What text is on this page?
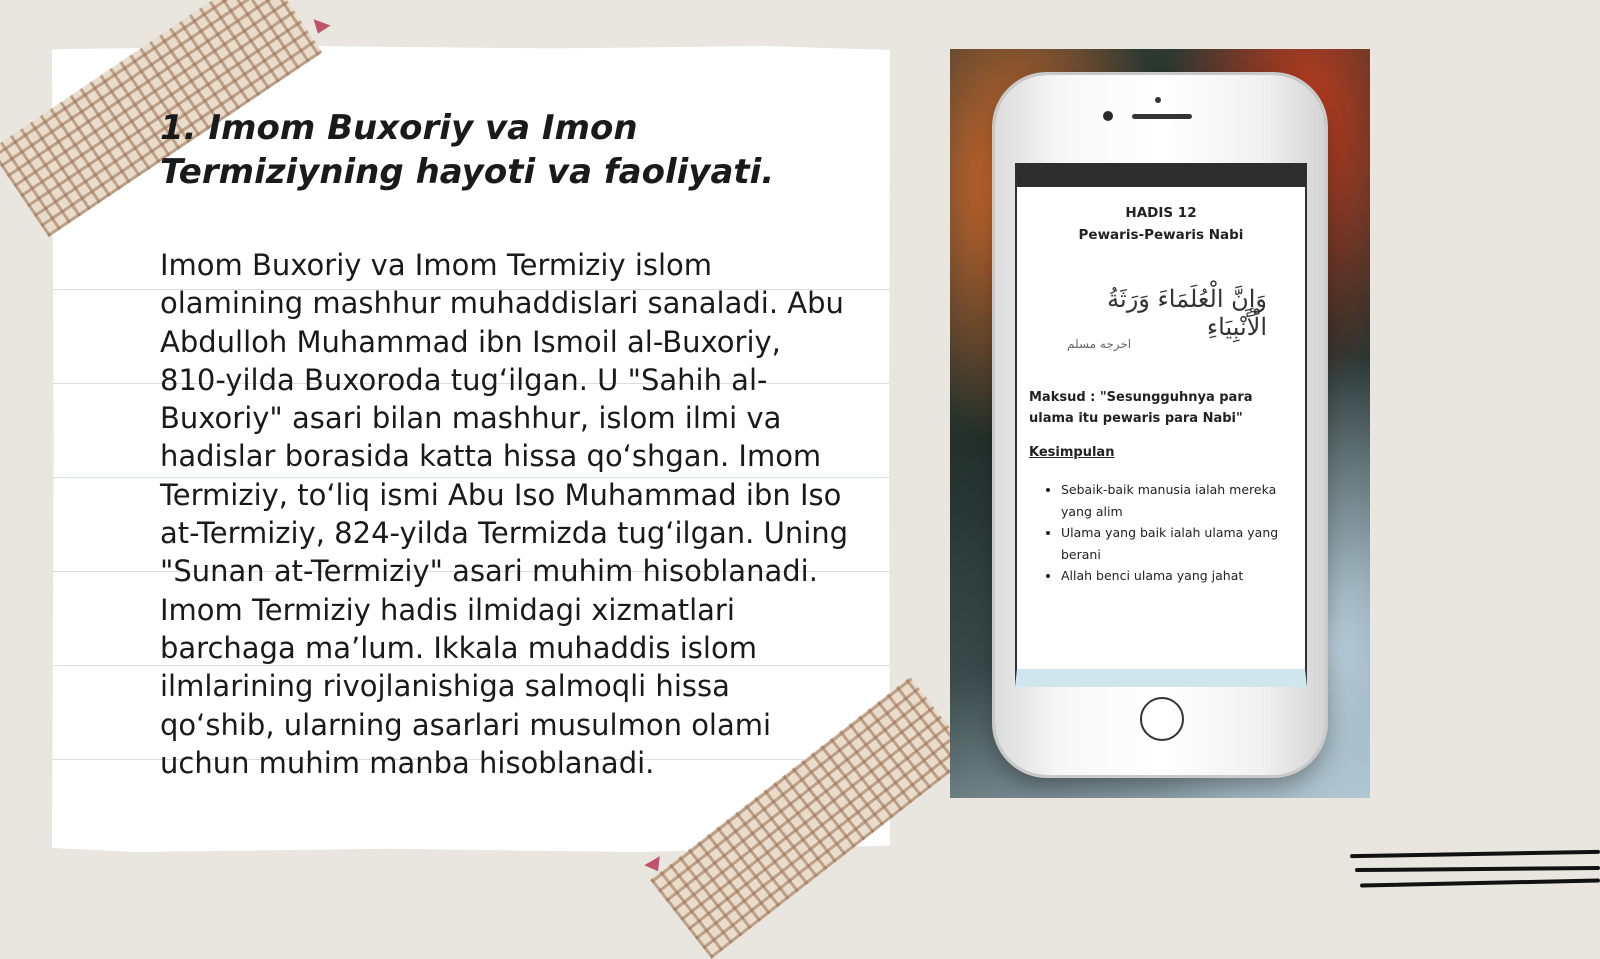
1. Imom Buxoriy va Imon Termiziyning hayoti va faoliyati.

Imom Buxoriy va Imom Termiziy islom olamining mashhur muhaddislari sanaladi. Abu Abdulloh Muhammad ibn Ismoil al-Buxoriy, 810-yilda Buxoroda tug‘ilgan. U "Sahih al-Buxoriy" asari bilan mashhur, islom ilmi va hadislar borasida katta hissa qo‘shgan. Imom Termiziy, to‘liq ismi Abu Iso Muhammad ibn Iso at-Termiziy, 824-yilda Termizda tug‘ilgan. Uning "Sunan at-Termiziy" asari muhim hisoblanadi. Imom Termiziy hadis ilmidagi xizmatlari barchaga ma’lum. Ikkala muhaddis islom ilmlarining rivojlanishiga salmoqli hissa qo‘shib, ularning asarlari musulmon olami uchun muhim manba hisoblanadi.

HADIS 12
Pewaris-Pewaris Nabi
وَإِنَّ الْعُلَمَاءَ وَرَثَةُ الْأَنْبِيَاءِ
اخرجه مسلم
Maksud : "Sesungguhnya para ulama itu pewaris para Nabi"
Kesimpulan
• Sebaik-baik manusia ialah mereka yang alim
• Ulama yang baik ialah ulama yang berani
• Allah benci ulama yang jahat
